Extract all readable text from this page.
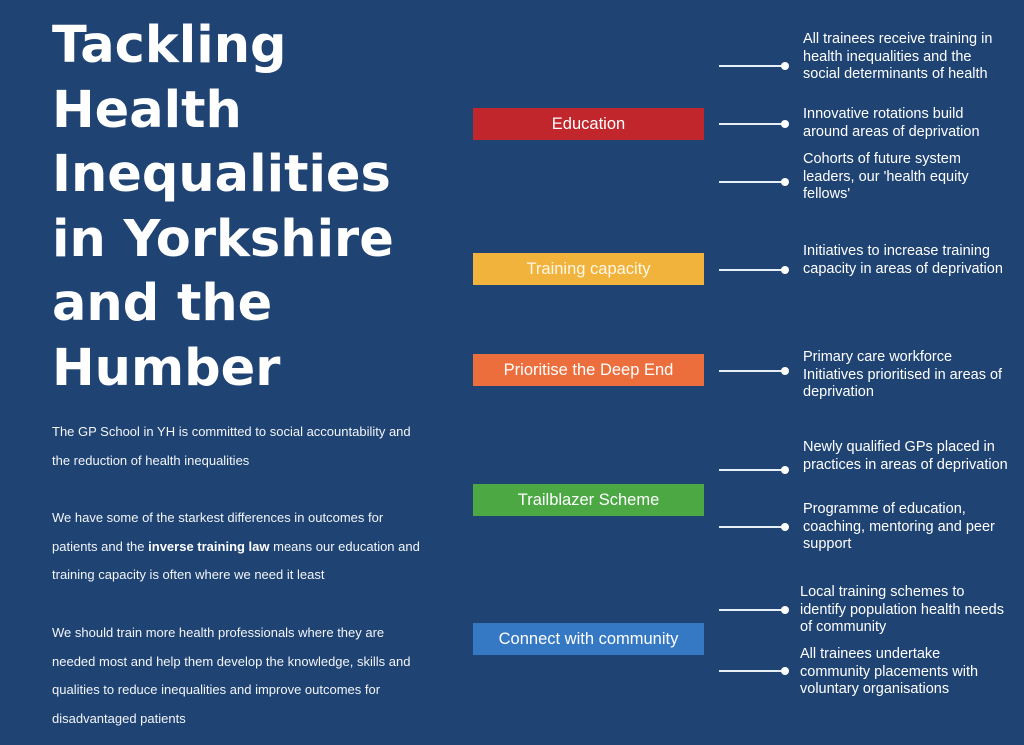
Tackling Health Inequalities in Yorkshire and the Humber

The GP School in YH is committed to social accountability and the reduction of health inequalities

We have some of the starkest differences in outcomes for patients and the inverse training law means our education and training capacity is often where we need it least

We should train more health professionals where they are needed most and help them develop the knowledge, skills and qualities to reduce inequalities and improve outcomes for disadvantaged patients

Education

All trainees receive training in health inequalities and the social determinants of health

Innovative rotations build around areas of deprivation

Cohorts of future system leaders, our 'health equity fellows'

Training capacity

Initiatives to increase training capacity in areas of deprivation

Prioritise the Deep End

Primary care workforce Initiatives prioritised in areas of deprivation

Trailblazer Scheme

Newly qualified GPs placed in practices in areas of deprivation

Programme of education, coaching, mentoring and peer support

Connect with community

Local training schemes to identify population health needs of community

All trainees undertake community placements with voluntary organisations
